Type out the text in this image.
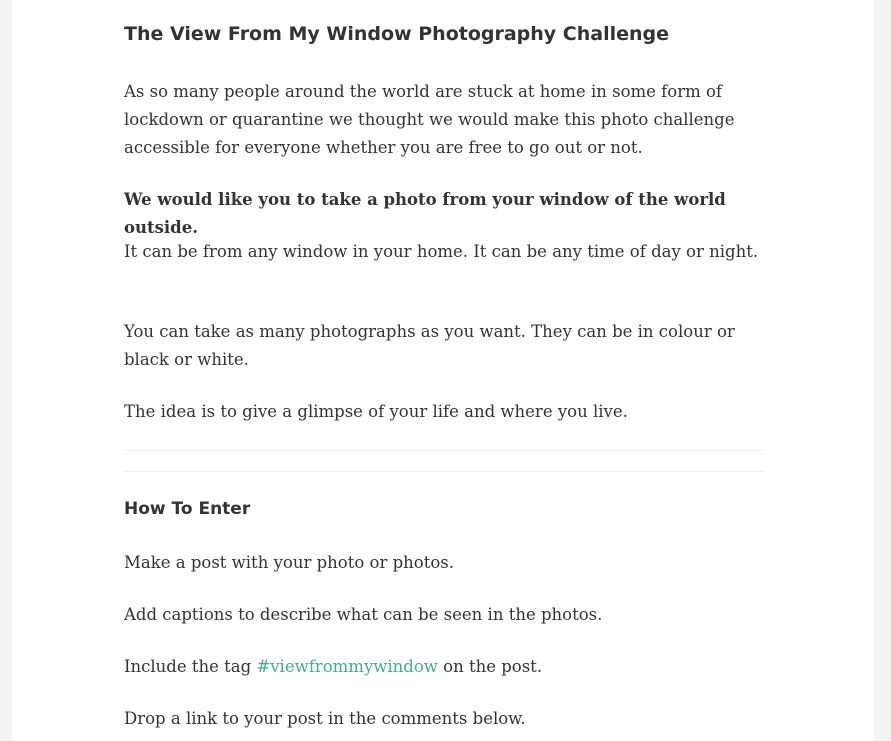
The View From My Window Photography Challenge

As so many people around the world are stuck at home in some form of lockdown or quarantine we thought we would make this photo challenge accessible for everyone whether you are free to go out or not.

We would like you to take a photo from your window of the world outside.

It can be from any window in your home. It can be any time of day or night.

You can take as many photographs as you want. They can be in colour or black or white.

The idea is to give a glimpse of your life and where you live.

How To Enter

Make a post with your photo or photos.

Add captions to describe what can be seen in the photos.

Include the tag #viewfrommywindow on the post.

Drop a link to your post in the comments below.
